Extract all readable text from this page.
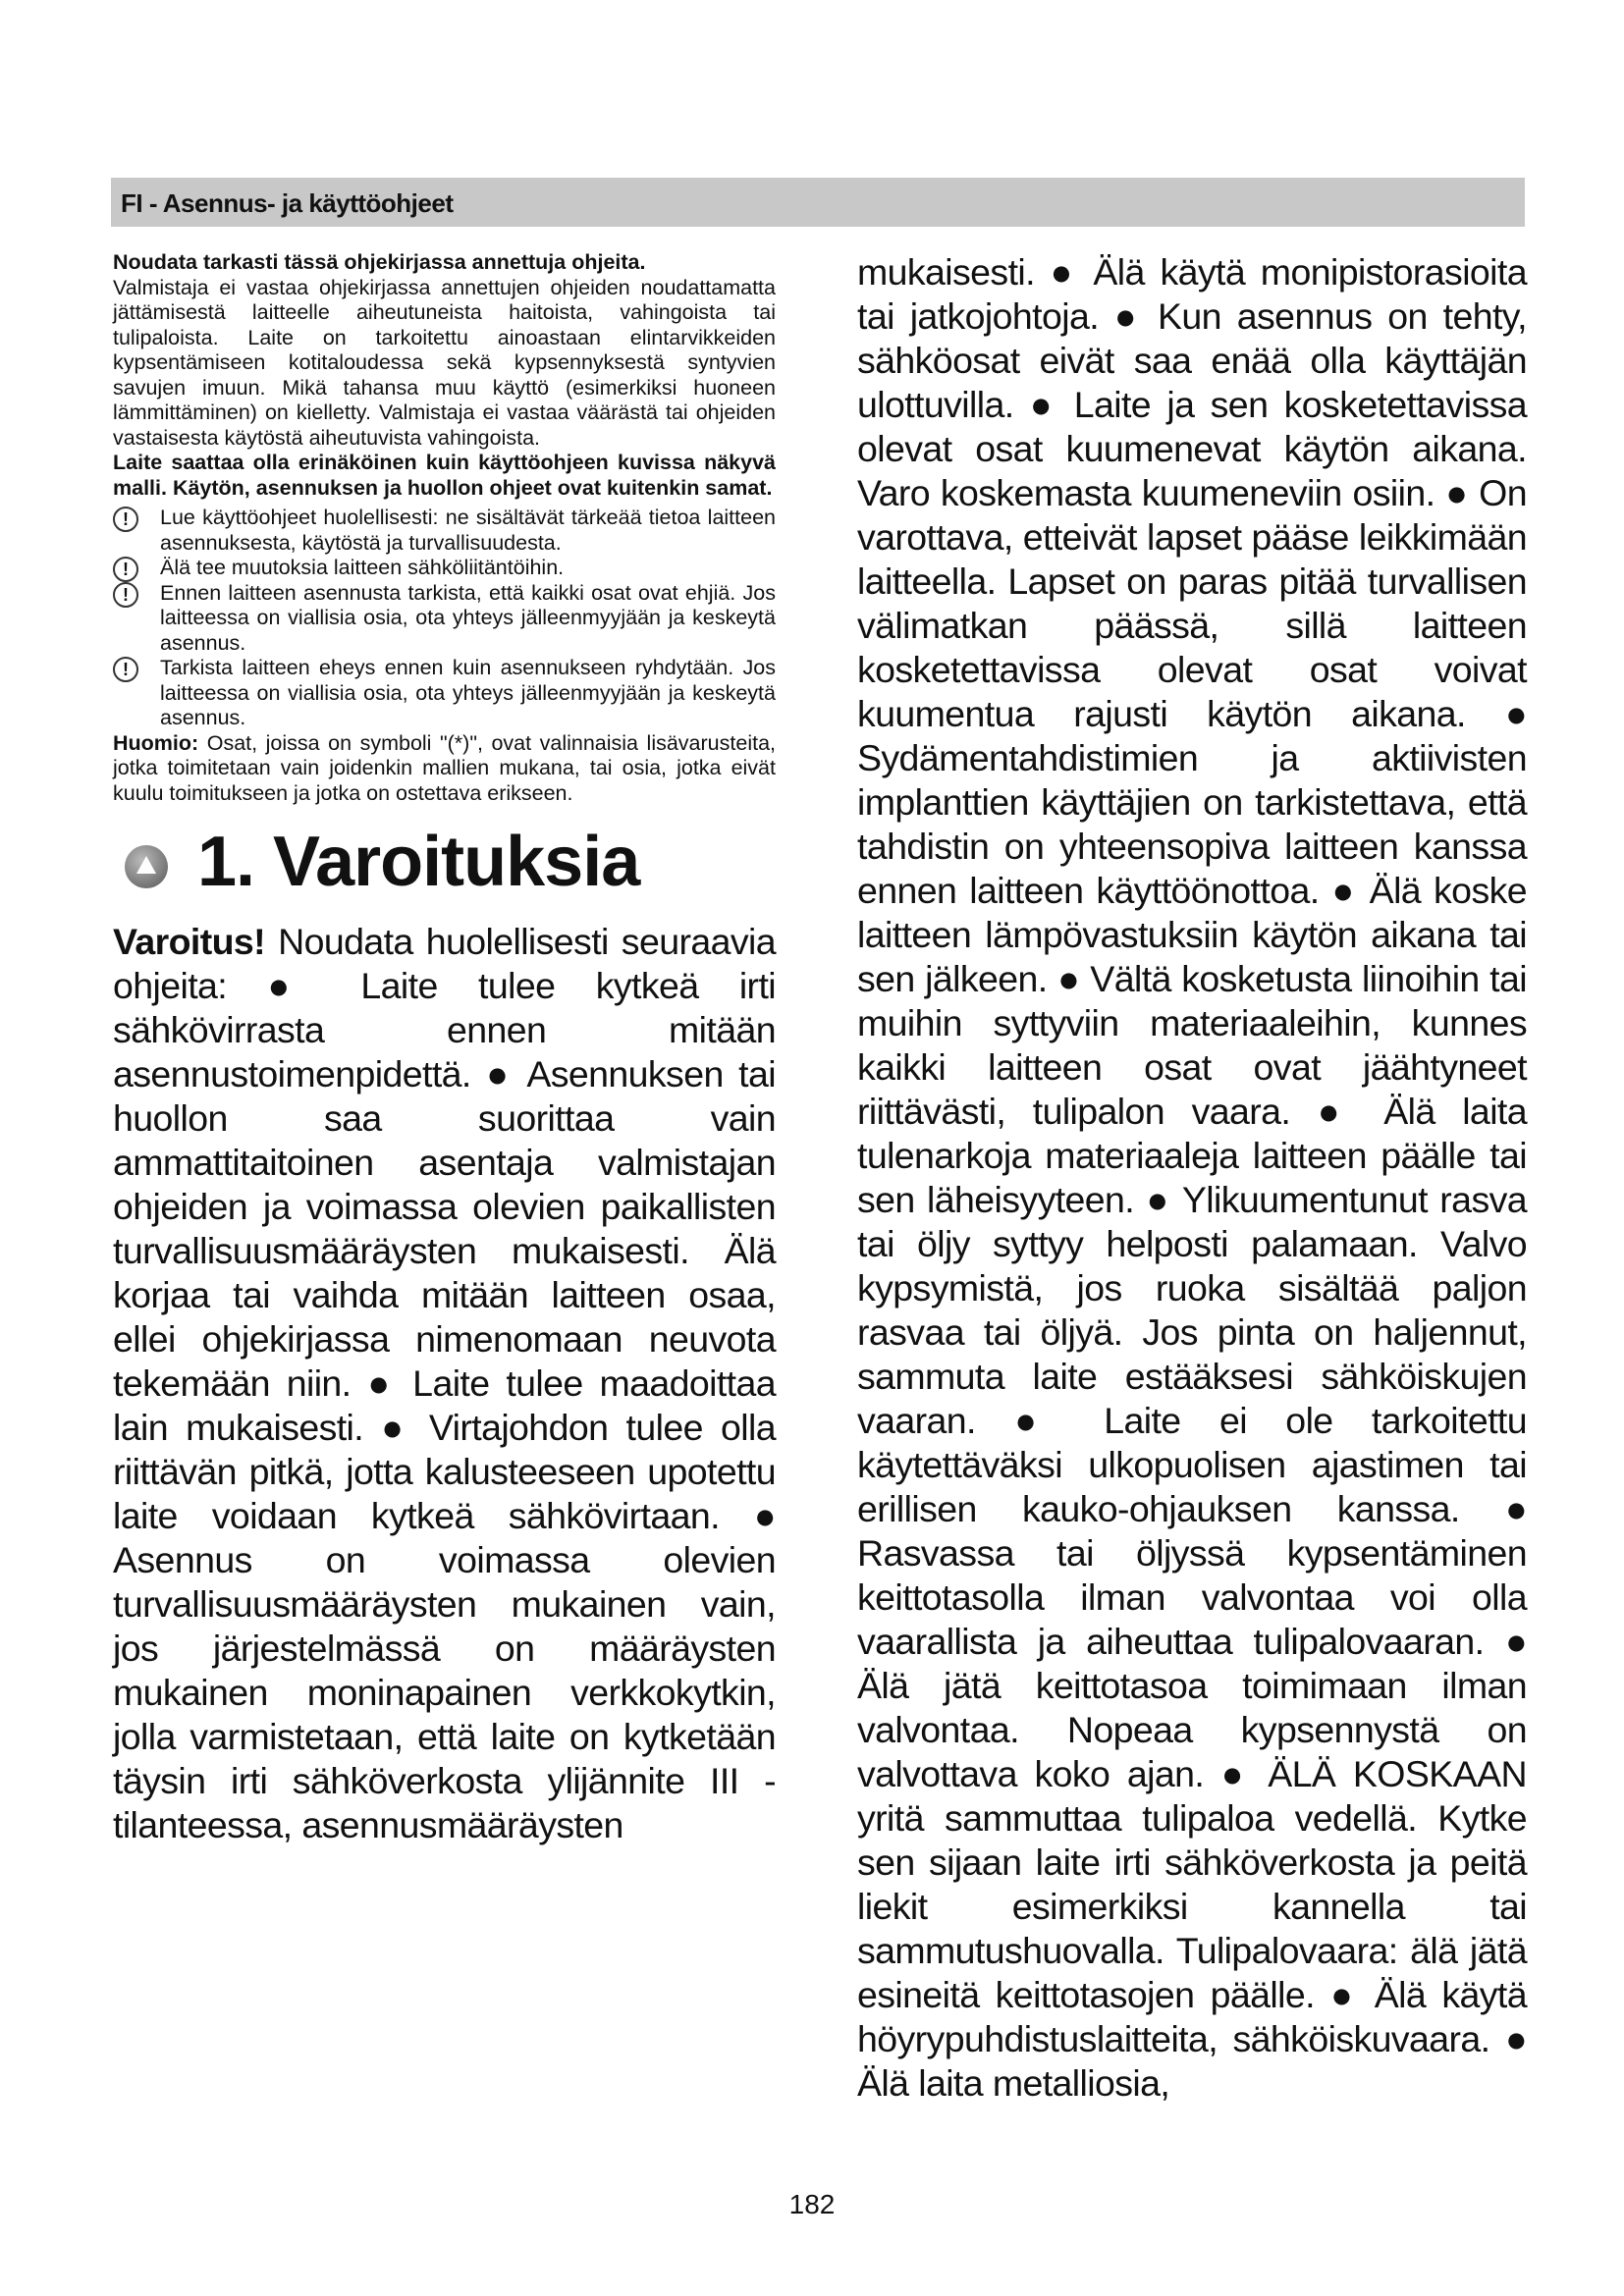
FI - Asennus- ja käyttöohjeet

Noudata tarkasti tässä ohjekirjassa annettuja ohjeita.

Valmistaja ei vastaa ohjekirjassa annettujen ohjeiden noudattamatta jättämisestä laitteelle aiheutuneista haitoista, vahingoista tai tulipaloista. Laite on tarkoitettu ainoastaan elintarvikkeiden kypsentämiseen kotitaloudessa sekä kypsennyksestä syntyvien savujen imuun. Mikä tahansa muu käyttö (esimerkiksi huoneen lämmittäminen) on kielletty. Valmistaja ei vastaa väärästä tai ohjeiden vastaisesta käytöstä aiheutuvista vahingoista.

Laite saattaa olla erinäköinen kuin käyttöohjeen kuvissa näkyvä malli. Käytön, asennuksen ja huollon ohjeet ovat kuitenkin samat.

!
Lue käyttöohjeet huolellisesti: ne sisältävät tärkeää tietoa laitteen asennuksesta, käytöstä ja turvallisuudesta.

!
Älä tee muutoksia laitteen sähköliitäntöihin.

!
Ennen laitteen asennusta tarkista, että kaikki osat ovat ehjiä. Jos laitteessa on viallisia osia, ota yhteys jälleenmyyjään ja keskeytä asennus.

!
Tarkista laitteen eheys ennen kuin asennukseen ryhdytään. Jos laitteessa on viallisia osia, ota yhteys jälleenmyyjään ja keskeytä asennus.

Huomio: Osat, joissa on symboli "(*)", ovat valinnaisia lisävarusteita, jotka toimitetaan vain joidenkin mallien mukana, tai osia, jotka eivät kuulu toimitukseen ja jotka on ostettava erikseen.

1. Varoituksia

Varoitus! Noudata huolellisesti seuraavia ohjeita: ● Laite tulee kytkeä irti sähkövirrasta ennen mitään asennustoimenpidettä. ● Asennuksen tai huollon saa suorittaa vain ammattitaitoinen asentaja valmistajan ohjeiden ja voimassa olevien paikallisten turvallisuusmääräysten mukaisesti. Älä korjaa tai vaihda mitään laitteen osaa, ellei ohjekirjassa nimenomaan neuvota tekemään niin. ● Laite tulee maadoittaa lain mukaisesti. ● Virtajohdon tulee olla riittävän pitkä, jotta kalusteeseen upotettu laite voidaan kytkeä sähkövirtaan. ● Asennus on voimassa olevien turvallisuusmääräysten mukainen vain, jos järjestelmässä on määräysten mukainen moninapainen verkkokytkin, jolla varmistetaan, että laite on kytketään täysin irti sähköverkosta ylijännite III -tilanteessa, asennusmääräysten

mukaisesti. ● Älä käytä monipistorasioita tai jatkojohtoja. ● Kun asennus on tehty, sähköosat eivät saa enää olla käyttäjän ulottuvilla. ● Laite ja sen kosketettavissa olevat osat kuumenevat käytön aikana. Varo koskemasta kuumeneviin osiin. ● On varottava, etteivät lapset pääse leikkimään laitteella. Lapset on paras pitää turvallisen välimatkan päässä, sillä laitteen kosketettavissa olevat osat voivat kuumentua rajusti käytön aikana. ● Sydämentahdistimien ja aktiivisten implanttien käyttäjien on tarkistettava, että tahdistin on yhteensopiva laitteen kanssa ennen laitteen käyttöönottoa. ● Älä koske laitteen lämpövastuksiin käytön aikana tai sen jälkeen. ● Vältä kosketusta liinoihin tai muihin syttyviin materiaaleihin, kunnes kaikki laitteen osat ovat jäähtyneet riittävästi, tulipalon vaara. ● Älä laita tulenarkoja materiaaleja laitteen päälle tai sen läheisyyteen. ● Ylikuumentunut rasva tai öljy syttyy helposti palamaan. Valvo kypsymistä, jos ruoka sisältää paljon rasvaa tai öljyä. Jos pinta on haljennut, sammuta laite estääksesi sähköiskujen vaaran. ● Laite ei ole tarkoitettu käytettäväksi ulkopuolisen ajastimen tai erillisen kauko-ohjauksen kanssa. ● Rasvassa tai öljyssä kypsentäminen keittotasolla ilman valvontaa voi olla vaarallista ja aiheuttaa tulipalovaaran. ● Älä jätä keittotasoa toimimaan ilman valvontaa. Nopeaa kypsennystä on valvottava koko ajan. ● ÄLÄ KOSKAAN yritä sammuttaa tulipaloa vedellä. Kytke sen sijaan laite irti sähköverkosta ja peitä liekit esimerkiksi kannella tai sammutushuovalla. Tulipalovaara: älä jätä esineitä keittotasojen päälle. ● Älä käytä höyrypuhdistuslaitteita, sähköiskuvaara. ● Älä laita metalliosia,

182
